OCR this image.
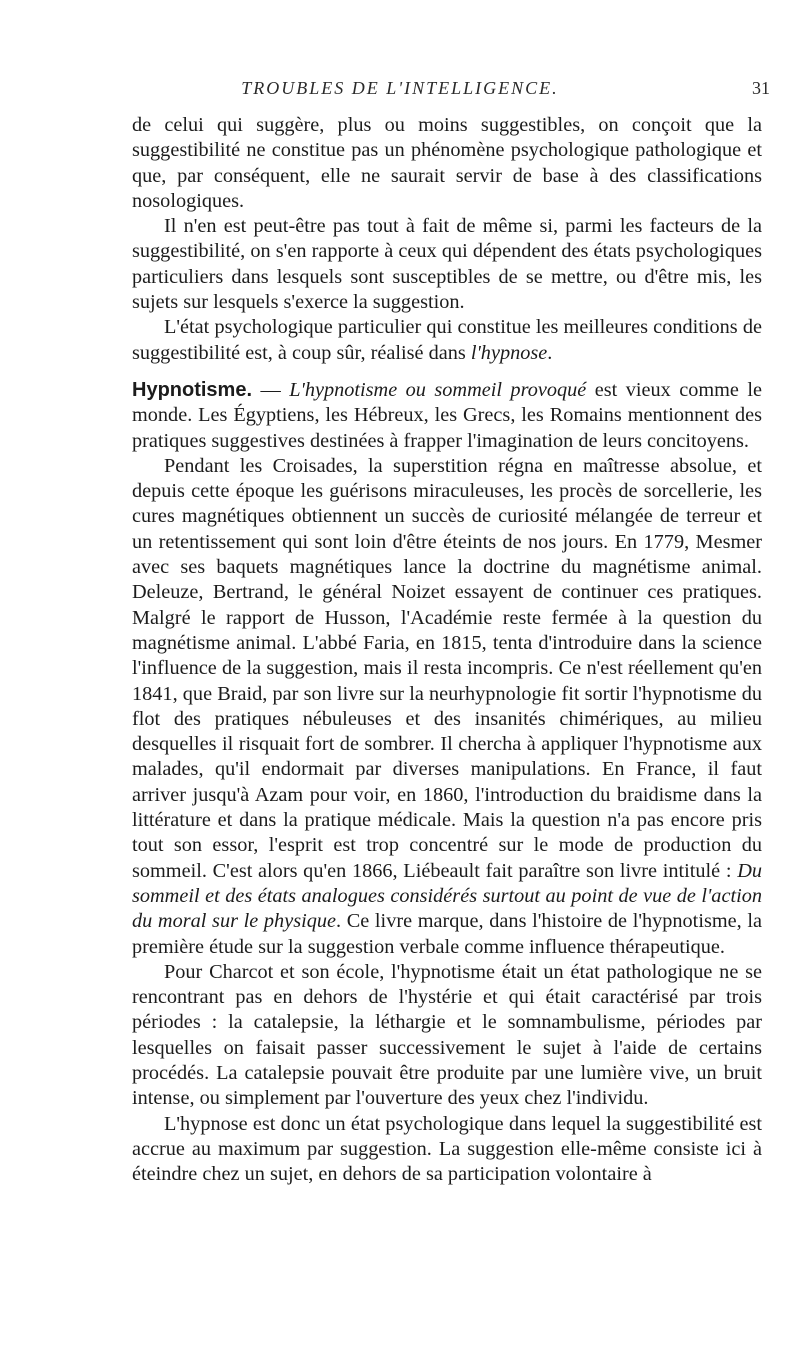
TROUBLES DE L'INTELLIGENCE.	31

de celui qui suggère, plus ou moins suggestibles, on conçoit que la suggestibilité ne constitue pas un phénomène psychologique pathologique et que, par conséquent, elle ne saurait servir de base à des classifications nosologiques.

Il n'en est peut-être pas tout à fait de même si, parmi les facteurs de la suggestibilité, on s'en rapporte à ceux qui dépendent des états psychologiques particuliers dans lesquels sont susceptibles de se mettre, ou d'être mis, les sujets sur lesquels s'exerce la suggestion.

L'état psychologique particulier qui constitue les meilleures conditions de suggestibilité est, à coup sûr, réalisé dans l'hypnose.

Hypnotisme. — L'hypnotisme ou sommeil provoqué est vieux comme le monde. Les Égyptiens, les Hébreux, les Grecs, les Romains mentionnent des pratiques suggestives destinées à frapper l'imagination de leurs concitoyens.

Pendant les Croisades, la superstition régna en maîtresse absolue, et depuis cette époque les guérisons miraculeuses, les procès de sorcellerie, les cures magnétiques obtiennent un succès de curiosité mélangée de terreur et un retentissement qui sont loin d'être éteints de nos jours. En 1779, Mesmer avec ses baquets magnétiques lance la doctrine du magnétisme animal. Deleuze, Bertrand, le général Noizet essayent de continuer ces pratiques. Malgré le rapport de Husson, l'Académie reste fermée à la question du magnétisme animal. L'abbé Faria, en 1815, tenta d'introduire dans la science l'influence de la suggestion, mais il resta incompris. Ce n'est réellement qu'en 1841, que Braid, par son livre sur la neurhypnologie fit sortir l'hypnotisme du flot des pratiques nébuleuses et des insanités chimériques, au milieu desquelles il risquait fort de sombrer. Il chercha à appliquer l'hypnotisme aux malades, qu'il endormait par diverses manipulations. En France, il faut arriver jusqu'à Azam pour voir, en 1860, l'introduction du braidisme dans la littérature et dans la pratique médicale. Mais la question n'a pas encore pris tout son essor, l'esprit est trop concentré sur le mode de production du sommeil. C'est alors qu'en 1866, Liébeault fait paraître son livre intitulé : Du sommeil et des états analogues considérés surtout au point de vue de l'action du moral sur le physique. Ce livre marque, dans l'histoire de l'hypnotisme, la première étude sur la suggestion verbale comme influence thérapeutique.

Pour Charcot et son école, l'hypnotisme était un état pathologique ne se rencontrant pas en dehors de l'hystérie et qui était caractérisé par trois périodes : la catalepsie, la léthargie et le somnambulisme, périodes par lesquelles on faisait passer successivement le sujet à l'aide de certains procédés. La catalepsie pouvait être produite par une lumière vive, un bruit intense, ou simplement par l'ouverture des yeux chez l'individu.

L'hypnose est donc un état psychologique dans lequel la suggestibilité est accrue au maximum par suggestion. La suggestion elle-même consiste ici à éteindre chez un sujet, en dehors de sa participation volontaire à
